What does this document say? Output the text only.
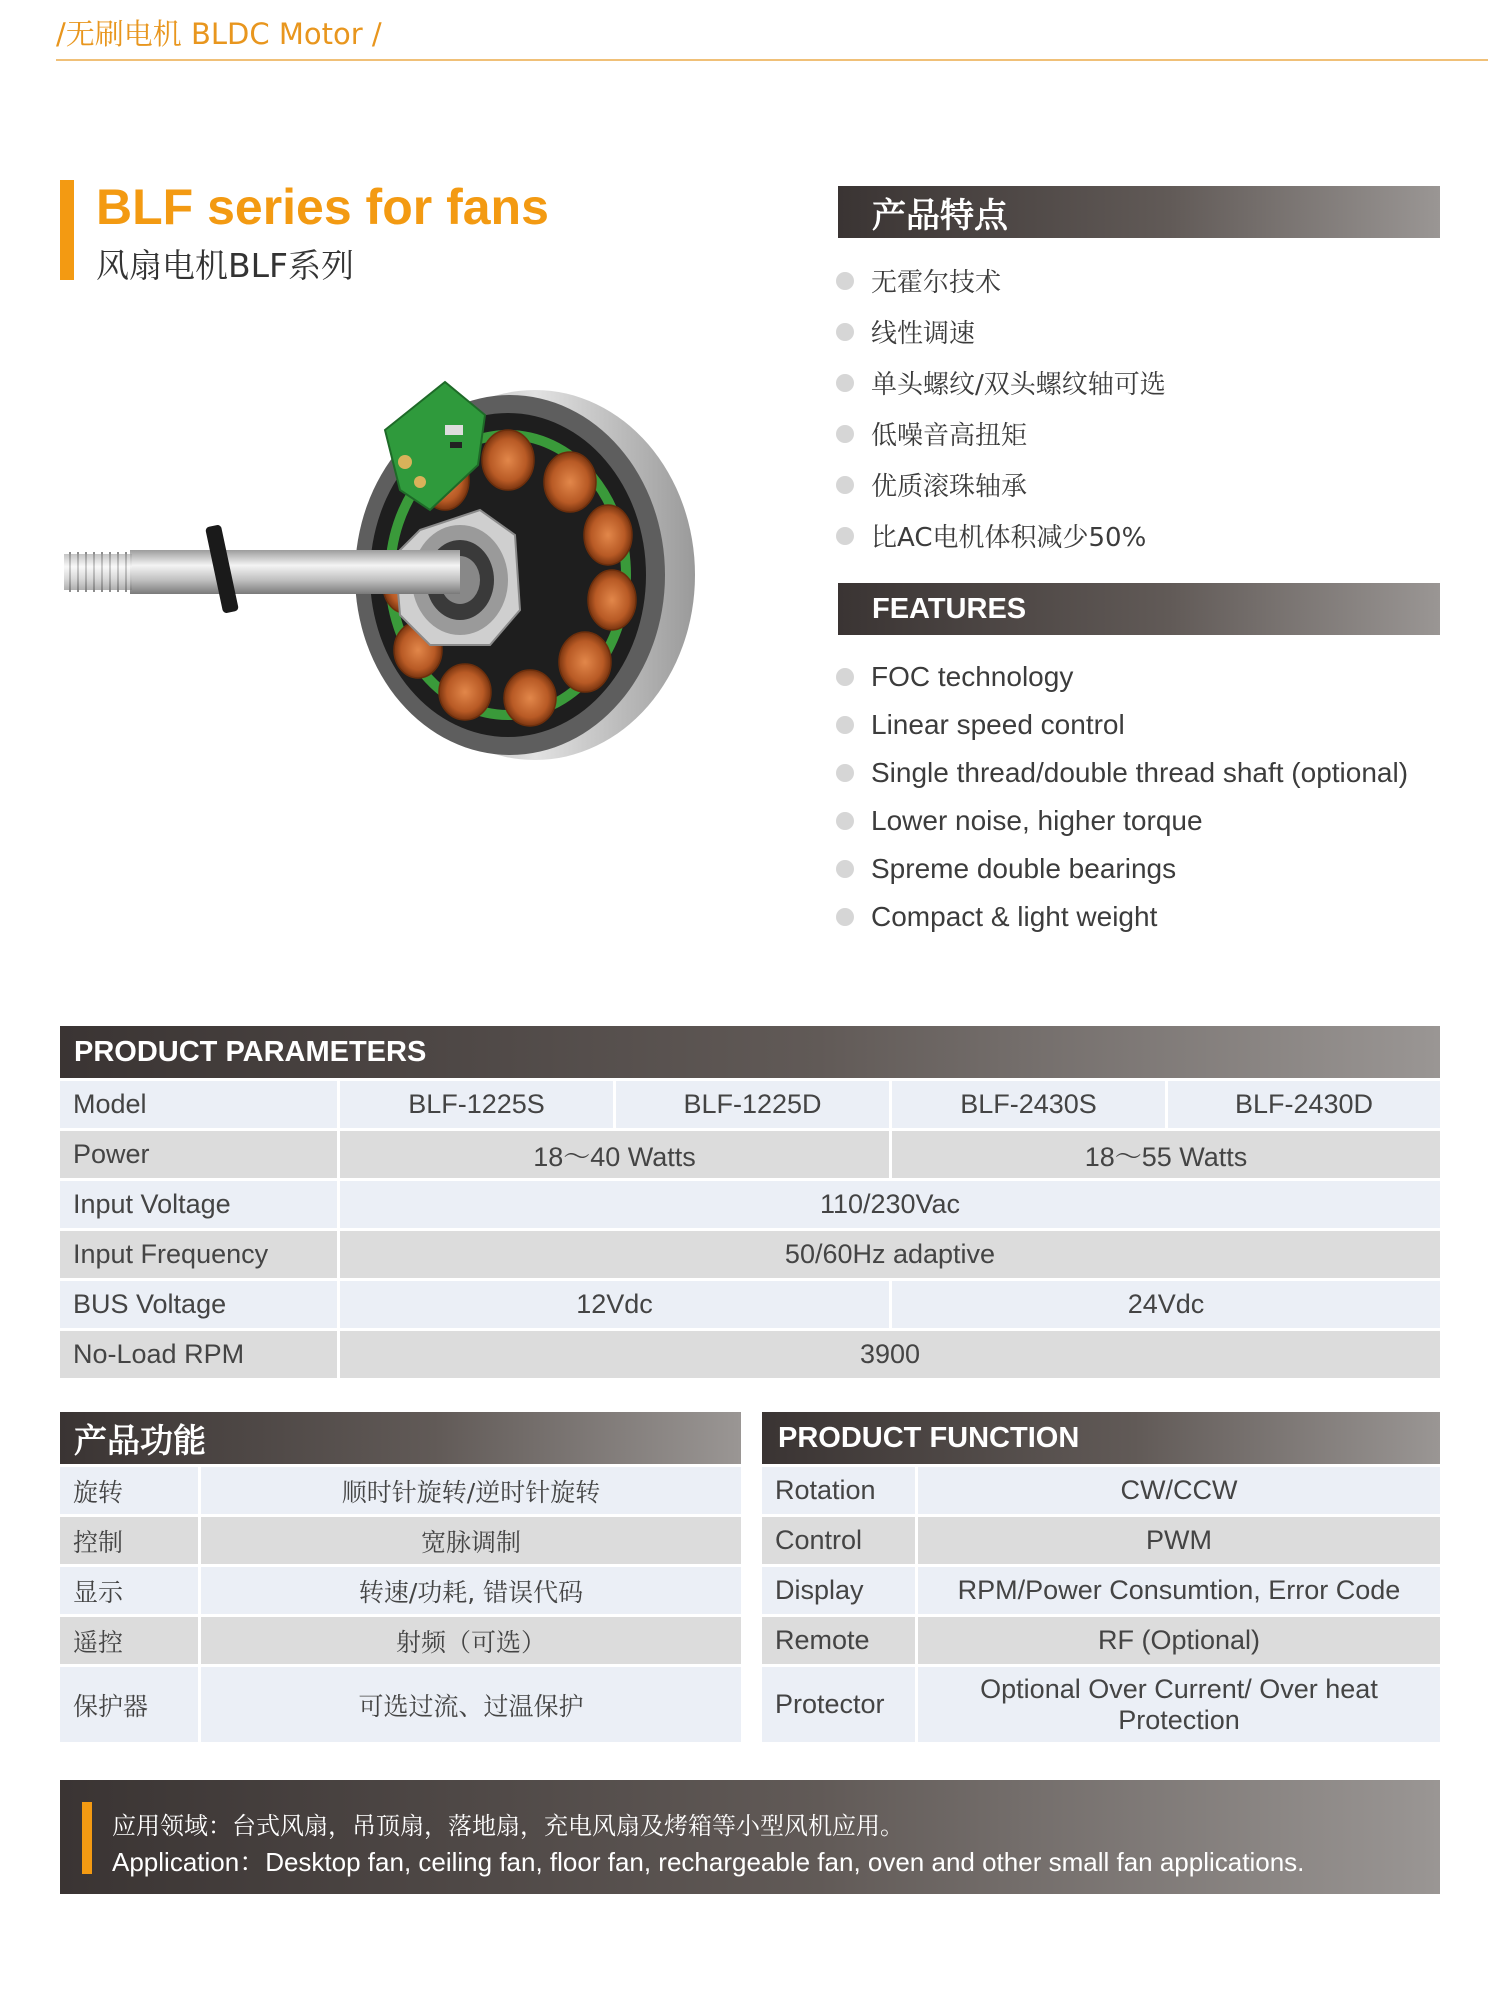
/无刷电机 BLDC Motor /
BLF series for fans
风扇电机BLF系列
产品特点
无霍尔技术
线性调速
单头螺纹/双头螺纹轴可选
低噪音高扭矩
优质滚珠轴承
比AC电机体积减少50%
FEATURES
FOC technology
Linear speed control
Single thread/double thread shaft (optional)
Lower noise, higher torque
Spreme double bearings
Compact & light weight
PRODUCT PARAMETERS
Model	BLF-1225S	BLF-1225D	BLF-2430S	BLF-2430D
Power	18～40 Watts		18～55 Watts	
Input Voltage	110/230Vac			
Input Frequency	50/60Hz adaptive			
BUS Voltage	12Vdc		24Vdc	
No-Load RPM	3900			
产品功能
旋转	顺时针旋转/逆时针旋转
控制	宽脉调制
显示	转速/功耗, 错误代码
遥控	射频（可选）
保护器	可选过流、过温保护
PRODUCT FUNCTION
Rotation	CW/CCW
Control	PWM
Display	RPM/Power Consumtion, Error Code
Remote	RF (Optional)
Protector	Optional Over Current/ Over heat Protection
应用领域：台式风扇，吊顶扇，落地扇，充电风扇及烤箱等小型风机应用。
Application：Desktop fan, ceiling fan, floor fan, rechargeable fan, oven and other small fan applications.
